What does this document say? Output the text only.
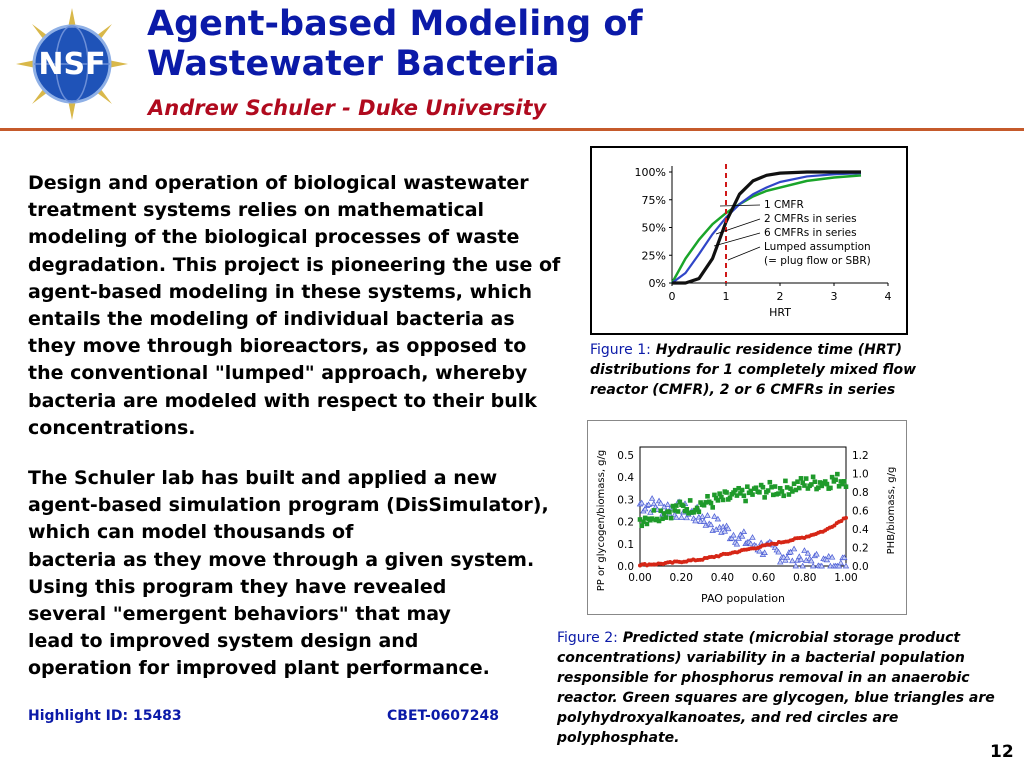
NSF
Agent-based Modeling of
Wastewater Bacteria
Andrew Schuler - Duke University

Design and operation of biological wastewater treatment systems relies on mathematical modeling of the biological processes of waste degradation. This project is pioneering the use of agent-based modeling in these systems, which entails the modeling of individual bacteria as they move through bioreactors, as opposed to the conventional "lumped" approach, whereby bacteria are modeled with respect to their bulk concentrations.

The Schuler lab has built and applied a new agent-based simulation program (DisSimulator), which can model thousands of
bacteria as they move through a given system.
Using this program they have revealed
several "emergent behaviors" that may
lead to improved system design and
operation for improved plant performance.
0%
25%
50%
75%
100%
0	1	2	3	4
HRT
1 CMFR
2 CMFRs in series
6 CMFRs in series
Lumped assumption
(= plug flow or SBR)

Figure 1: Hydraulic residence time (HRT) distributions for 1 completely mixed flow reactor (CMFR), 2 or 6 CMFRs in series

0.0
0.1
0.2
0.3
0.4
0.5
0.0
0.2
0.4
0.6
0.8
1.0
1.2
0.00 0.20 0.40 0.60 0.80 1.00
PAO population
PP or glycogen/biomass, g/g	PHB/biomass, g/g

Figure 2: Predicted state (microbial storage product concentrations) variability in a bacterial population responsible for phosphorus removal in an anaerobic reactor. Green squares are glycogen, blue triangles are polyhydroxyalkanoates, and red circles are polyphosphate.

Highlight ID: 15483	CBET-0607248
12
